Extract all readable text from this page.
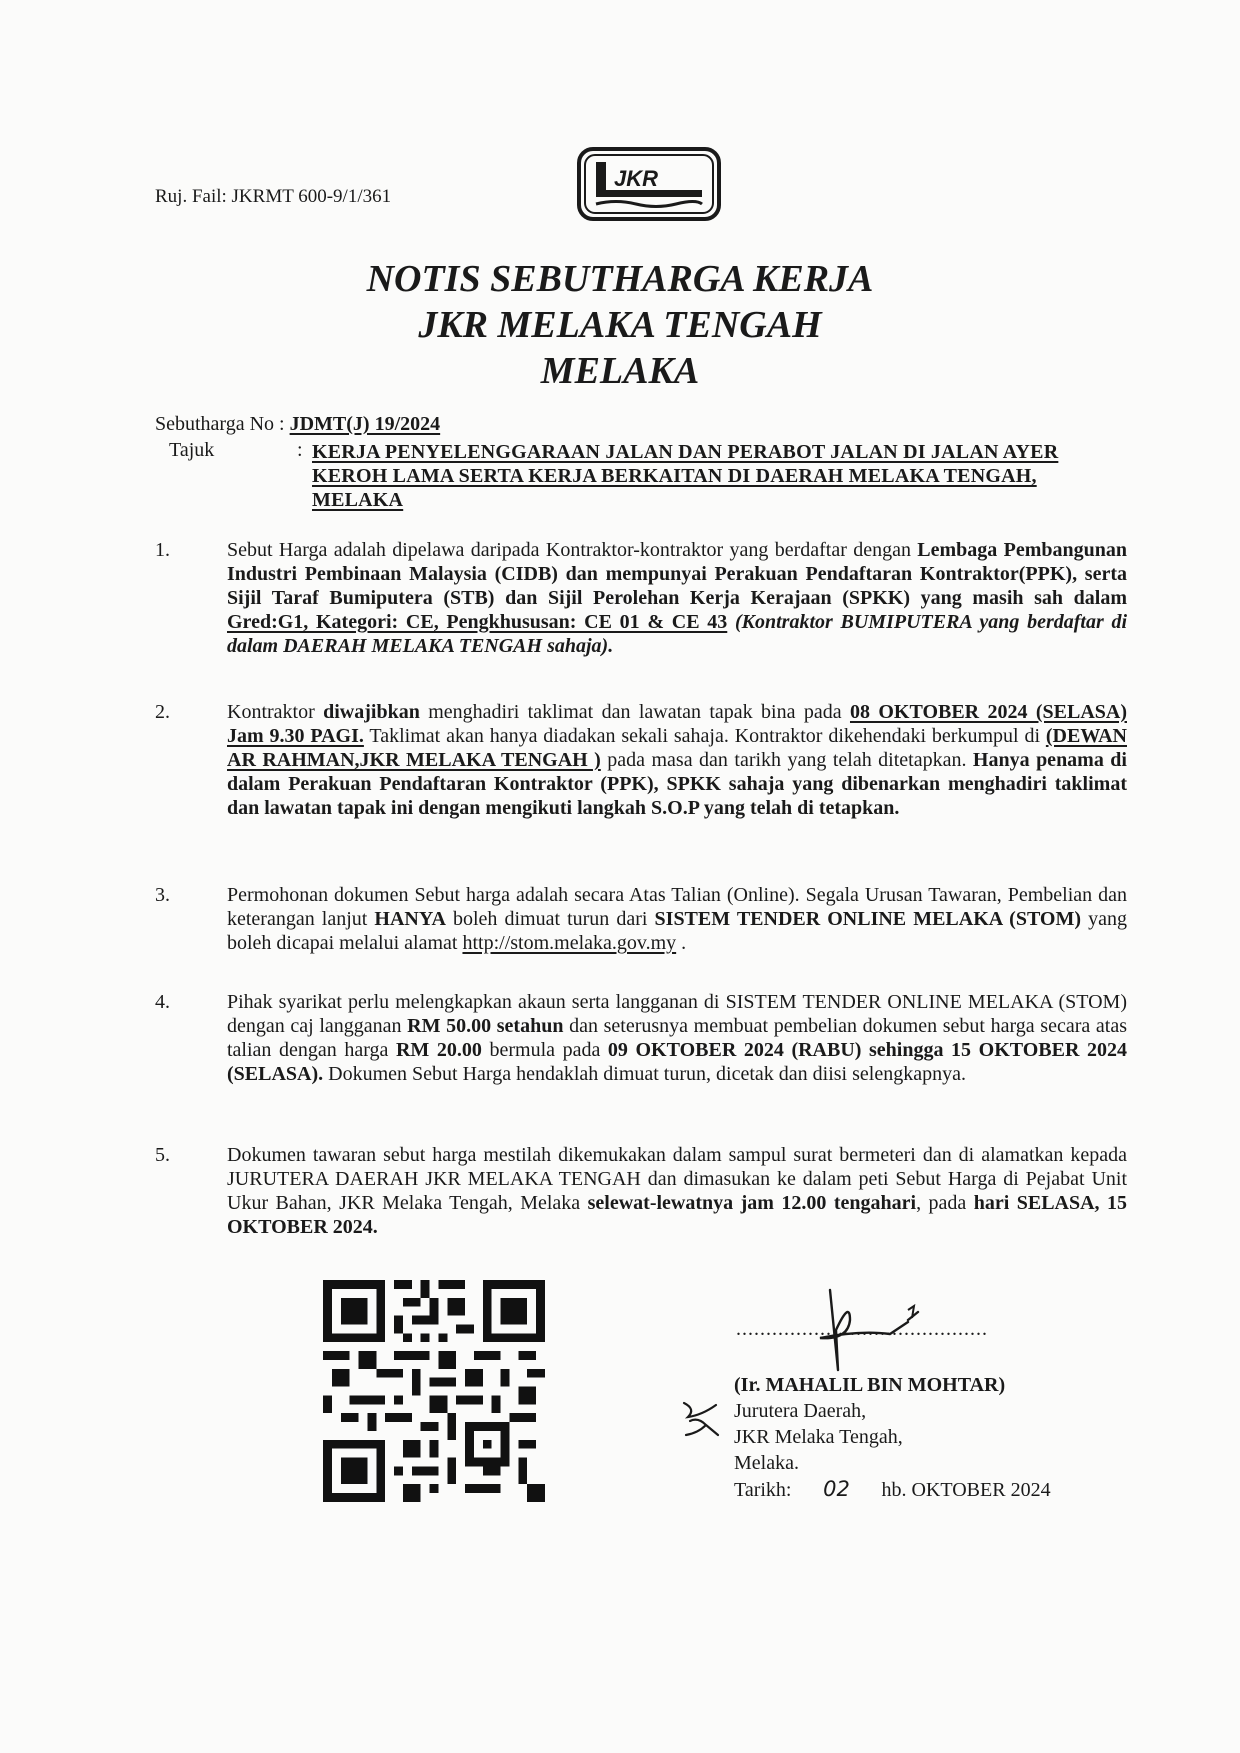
Ruj. Fail: JKRMT 600-9/1/361
JKR
NOTIS SEBUTHARGA KERJA
JKR MELAKA TENGAH
MELAKA
Sebutharga No : JDMT(J) 19/2024
Tajuk	: KERJA PENYELENGGARAAN JALAN DAN PERABOT JALAN DI JALAN AYER KEROH LAMA SERTA KERJA BERKAITAN DI DAERAH MELAKA TENGAH, MELAKA
1.	Sebut Harga adalah dipelawa daripada Kontraktor-kontraktor yang berdaftar dengan Lembaga Pembangunan Industri Pembinaan Malaysia (CIDB) dan mempunyai Perakuan Pendaftaran Kontraktor(PPK), serta Sijil Taraf Bumiputera (STB) dan Sijil Perolehan Kerja Kerajaan (SPKK) yang masih sah dalam Gred:G1, Kategori: CE, Pengkhususan: CE 01 & CE 43 (Kontraktor BUMIPUTERA yang berdaftar di dalam DAERAH MELAKA TENGAH sahaja).
2.	Kontraktor diwajibkan menghadiri taklimat dan lawatan tapak bina pada 08 OKTOBER 2024 (SELASA) Jam 9.30 PAGI. Taklimat akan hanya diadakan sekali sahaja. Kontraktor dikehendaki berkumpul di (DEWAN AR RAHMAN,JKR MELAKA TENGAH ) pada masa dan tarikh yang telah ditetapkan. Hanya penama di dalam Perakuan Pendaftaran Kontraktor (PPK), SPKK sahaja yang dibenarkan menghadiri taklimat dan lawatan tapak ini dengan mengikuti langkah S.O.P yang telah di tetapkan.
3.	Permohonan dokumen Sebut harga adalah secara Atas Talian (Online). Segala Urusan Tawaran, Pembelian dan keterangan lanjut HANYA boleh dimuat turun dari SISTEM TENDER ONLINE MELAKA (STOM) yang boleh dicapai melalui alamat http://stom.melaka.gov.my .
4.	Pihak syarikat perlu melengkapkan akaun serta langganan di SISTEM TENDER ONLINE MELAKA (STOM) dengan caj langganan RM 50.00 setahun dan seterusnya membuat pembelian dokumen sebut harga secara atas talian dengan harga RM 20.00 bermula pada 09 OKTOBER 2024 (RABU) sehingga 15 OKTOBER 2024 (SELASA). Dokumen Sebut Harga hendaklah dimuat turun, dicetak dan diisi selengkapnya.
5.	Dokumen tawaran sebut harga mestilah dikemukakan dalam sampul surat bermeteri dan di alamatkan kepada JURUTERA DAERAH JKR MELAKA TENGAH dan dimasukan ke dalam peti Sebut Harga di Pejabat Unit Ukur Bahan, JKR Melaka Tengah, Melaka selewat-lewatnya jam 12.00 tengahari, pada hari SELASA, 15 OKTOBER 2024.
..........................................
(Ir. MAHALIL BIN MOHTAR)
Jurutera Daerah,
JKR Melaka Tengah,
Melaka.
Tarikh: 02 hb. OKTOBER 2024
